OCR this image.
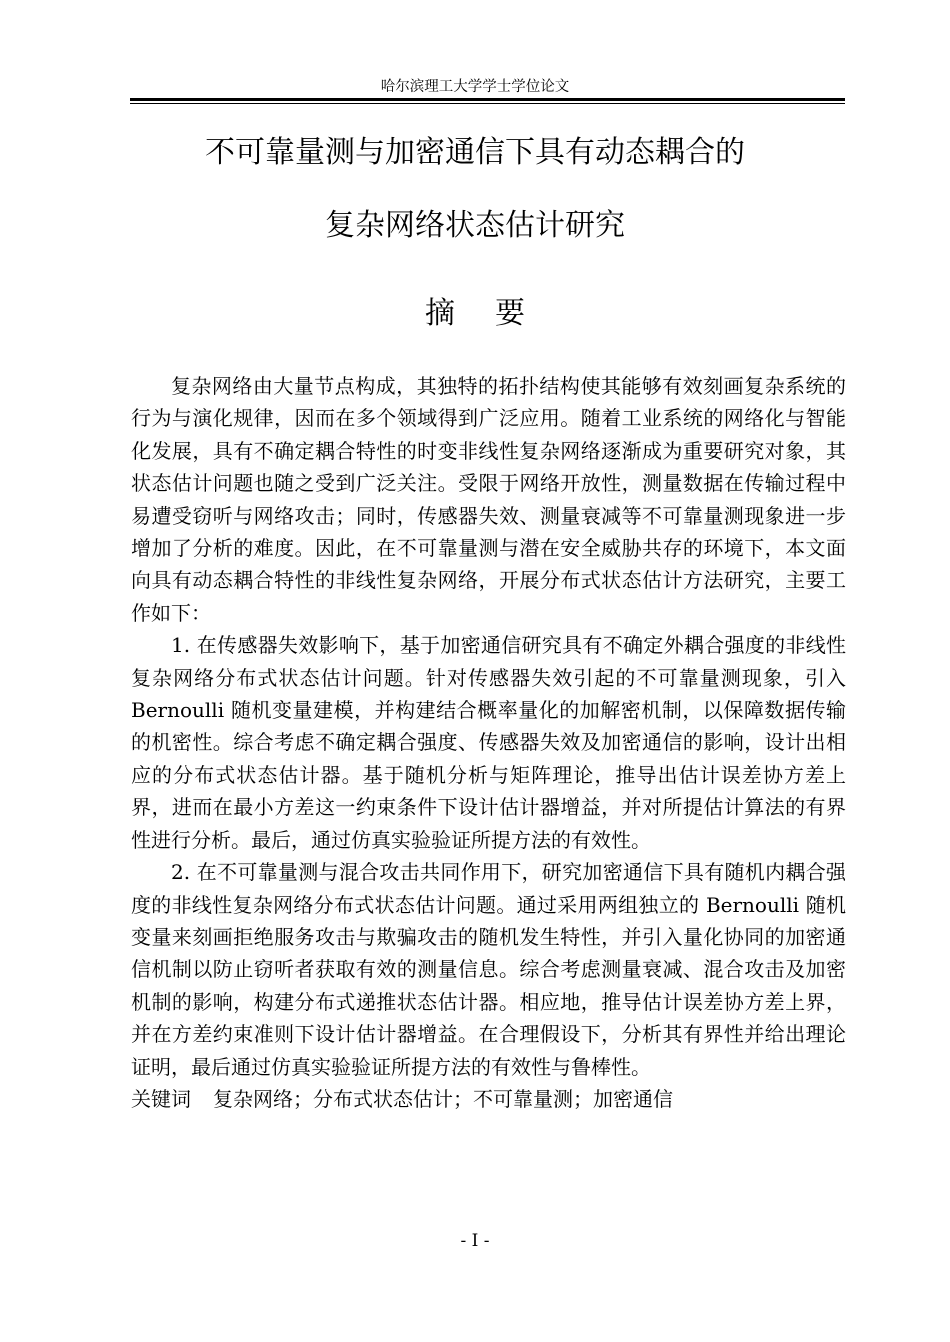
哈尔滨理工大学学士学位论文
不可靠量测与加密通信下具有动态耦合的
复杂网络状态估计研究
摘要

复杂网络由大量节点构成，其独特的拓扑结构使其能够有效刻画复杂系统的行为与演化规律，因而在多个领域得到广泛应用。随着工业系统的网络化与智能化发展，具有不确定耦合特性的时变非线性复杂网络逐渐成为重要研究对象，其状态估计问题也随之受到广泛关注。受限于网络开放性，测量数据在传输过程中易遭受窃听与网络攻击；同时，传感器失效、测量衰减等不可靠量测现象进一步增加了分析的难度。因此，在不可靠量测与潜在安全威胁共存的环境下，本文面向具有动态耦合特性的非线性复杂网络，开展分布式状态估计方法研究，主要工作如下：

1. 在传感器失效影响下，基于加密通信研究具有不确定外耦合强度的非线性复杂网络分布式状态估计问题。针对传感器失效引起的不可靠量测现象，引入 Bernoulli 随机变量建模，并构建结合概率量化的加解密机制，以保障数据传输的机密性。综合考虑不确定耦合强度、传感器失效及加密通信的影响，设计出相应的分布式状态估计器。基于随机分析与矩阵理论，推导出估计误差协方差上界，进而在最小方差这一约束条件下设计估计器增益，并对所提估计算法的有界性进行分析。最后，通过仿真实验验证所提方法的有效性。

2. 在不可靠量测与混合攻击共同作用下，研究加密通信下具有随机内耦合强度的非线性复杂网络分布式状态估计问题。通过采用两组独立的 Bernoulli 随机变量来刻画拒绝服务攻击与欺骗攻击的随机发生特性，并引入量化协同的加密通信机制以防止窃听者获取有效的测量信息。综合考虑测量衰减、混合攻击及加密机制的影响，构建分布式递推状态估计器。相应地，推导估计误差协方差上界，并在方差约束准则下设计估计器增益。在合理假设下，分析其有界性并给出理论证明，最后通过仿真实验验证所提方法的有效性与鲁棒性。

关键词 复杂网络；分布式状态估计；不可靠量测；加密通信

- I -
